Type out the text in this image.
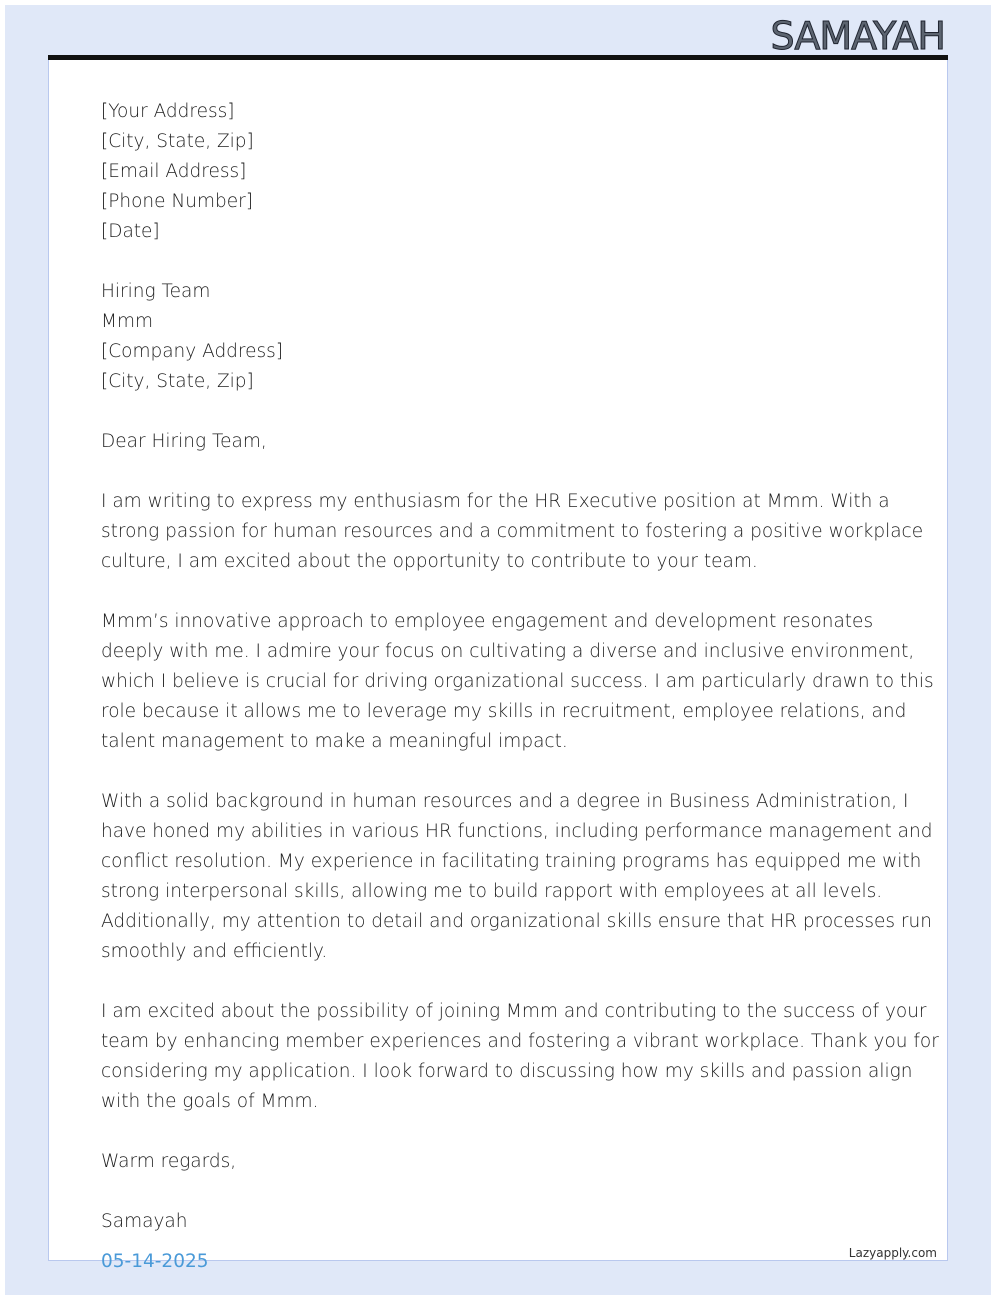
SAMAYAH
[Your Address]
[City, State, Zip]
[Email Address]
[Phone Number]
[Date]
Hiring Team
Mmm
[Company Address]
[City, State, Zip]
Dear Hiring Team,
I am writing to express my enthusiasm for the HR Executive position at Mmm. With a
strong passion for human resources and a commitment to fostering a positive workplace
culture, I am excited about the opportunity to contribute to your team.
Mmm’s innovative approach to employee engagement and development resonates
deeply with me. I admire your focus on cultivating a diverse and inclusive environment,
which I believe is crucial for driving organizational success. I am particularly drawn to this
role because it allows me to leverage my skills in recruitment, employee relations, and
talent management to make a meaningful impact.
With a solid background in human resources and a degree in Business Administration, I
have honed my abilities in various HR functions, including performance management and
conflict resolution. My experience in facilitating training programs has equipped me with
strong interpersonal skills, allowing me to build rapport with employees at all levels.
Additionally, my attention to detail and organizational skills ensure that HR processes run
smoothly and efficiently.
I am excited about the possibility of joining Mmm and contributing to the success of your
team by enhancing member experiences and fostering a vibrant workplace. Thank you for
considering my application. I look forward to discussing how my skills and passion align
with the goals of Mmm.
Warm regards,
Samayah
05-14-2025	Lazyapply.com
